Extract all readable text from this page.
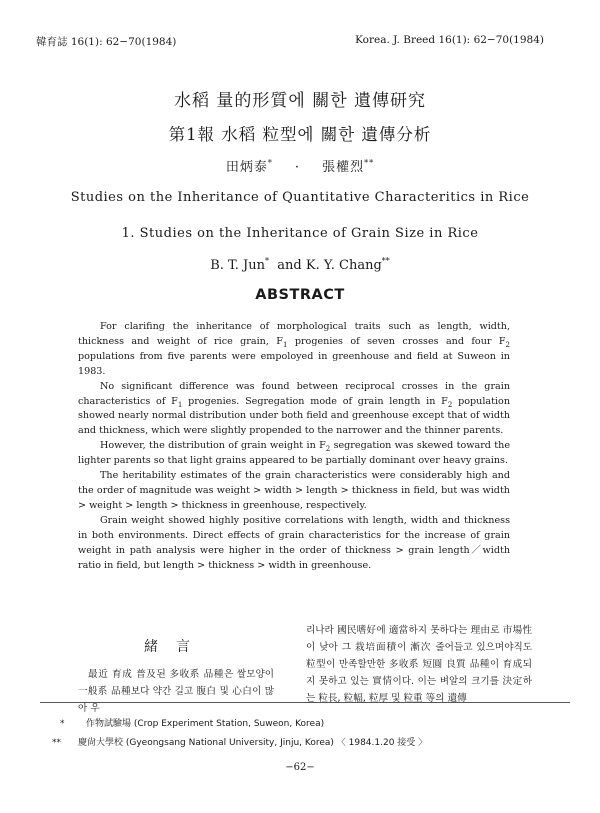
韓育誌 16(1): 62−70(1984)	Korea. J. Breed 16(1): 62−70(1984)
水稻 量的形質에 關한 遺傳研究
第1報 水稻 粒型에 關한 遺傳分析
田炳泰* · 張權烈**
Studies on the Inheritance of Quantitative Characteritics in Rice
1. Studies on the Inheritance of Grain Size in Rice
B. T. Jun* and K. Y. Chang**
ABSTRACT

For clarifing the inheritance of morphological traits such as length, width, thickness and weight of rice grain, $F_1$ progenies of seven crosses and four $F_2$ populations from five parents were empoloyed in greenhouse and field at Suweon in 1983.

No significant difference was found between reciprocal crosses in the grain characteristics of $F_1$ progenies. Segregation mode of grain length in $F_2$ population showed nearly normal distribution under both field and greenhouse except that of width and thickness, which were slightly propended to the narrower and the thinner parents.

However, the distribution of grain weight in $F_2$ segregation was skewed toward the lighter parents so that light grains appeared to be partially dominant over heavy grains.

The heritability estimates of the grain characteristics were considerably high and the order of magnitude was weight > width > length > thickness in field, but was width > weight > length > thickness in greenhouse, respectively.

Grain weight showed highly positive correlations with length, width and thickness in both environments. Direct effects of grain characteristics for the increase of grain weight in path analysis were higher in the order of thickness > grain length／width ratio in field, but length > thickness > width in greenhouse.

緒言

最近 育成 普及된 多收系 品種은 쌀모양이 一般系 品種보다 약간 길고 腹白 및 心白이 많아 우

리나라 國民嗜好에 適當하지 못하다는 理由로 市場性이 낮아 그 栽培面積이 漸次 줄어들고 있으며야직도 粒型이 만족할만한 多收系 短圓 良質 品種이 育成되지 못하고 있는 實情이다. 이는 벼알의 크기를 決定하는 粒長, 粒幅, 粒厚 및 粒重 等의 遺傳

* 作物試驗場 (Crop Experiment Station, Suweon, Korea)
** 慶尙大學校 (Gyeongsang National University, Jinju, Korea) 〈 1984.1.20 接受 〉
−62−
